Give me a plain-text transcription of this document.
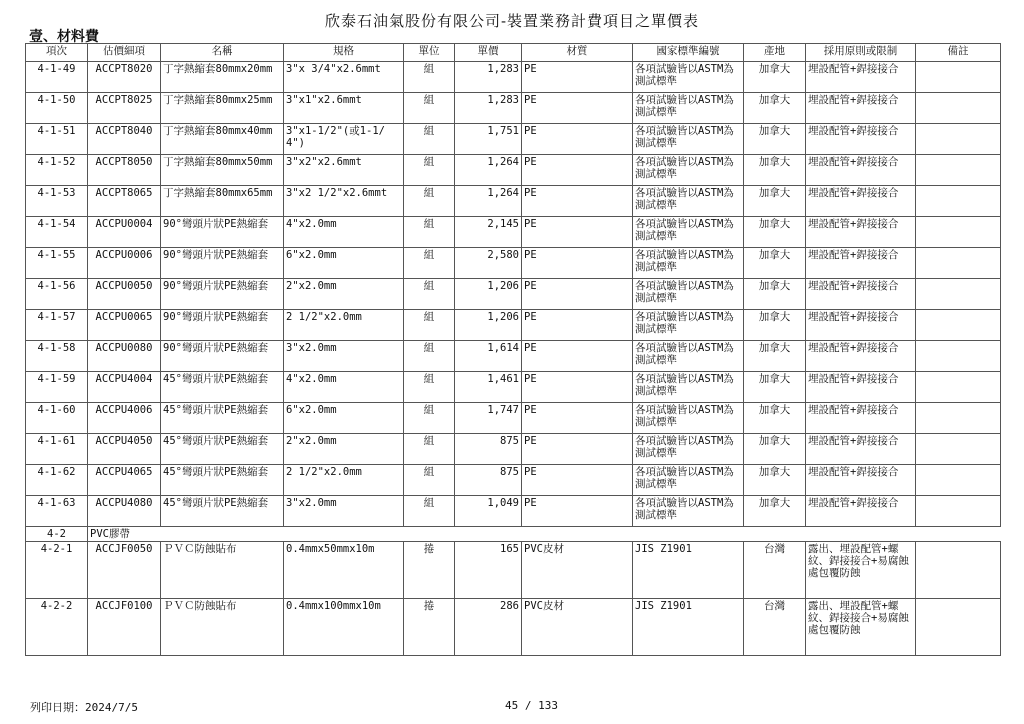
欣泰石油氣股份有限公司-裝置業務計費項目之單價表
壹、材料費
項次	估價細項	名稱	規格	單位	單價	材質	國家標準編號	產地	採用原則或限制	備註
4-1-49	ACCPT8020	丁字熱縮套80mmx20mm	3"x 3/4"x2.6mmt	組	1,283	PE	各項試驗皆以ASTM為測試標準	加拿大	埋設配管+銲接接合	
4-1-50	ACCPT8025	丁字熱縮套80mmx25mm	3"x1"x2.6mmt	組	1,283	PE	各項試驗皆以ASTM為測試標準	加拿大	埋設配管+銲接接合	
4-1-51	ACCPT8040	丁字熱縮套80mmx40mm	3"x1-1/2"(或1-1/4")	組	1,751	PE	各項試驗皆以ASTM為測試標準	加拿大	埋設配管+銲接接合	
4-1-52	ACCPT8050	丁字熱縮套80mmx50mm	3"x2"x2.6mmt	組	1,264	PE	各項試驗皆以ASTM為測試標準	加拿大	埋設配管+銲接接合	
4-1-53	ACCPT8065	丁字熱縮套80mmx65mm	3"x2 1/2"x2.6mmt	組	1,264	PE	各項試驗皆以ASTM為測試標準	加拿大	埋設配管+銲接接合	
4-1-54	ACCPU0004	90°彎頭片狀PE熱縮套	4"x2.0mm	組	2,145	PE	各項試驗皆以ASTM為測試標準	加拿大	埋設配管+銲接接合	
4-1-55	ACCPU0006	90°彎頭片狀PE熱縮套	6"x2.0mm	組	2,580	PE	各項試驗皆以ASTM為測試標準	加拿大	埋設配管+銲接接合	
4-1-56	ACCPU0050	90°彎頭片狀PE熱縮套	2"x2.0mm	組	1,206	PE	各項試驗皆以ASTM為測試標準	加拿大	埋設配管+銲接接合	
4-1-57	ACCPU0065	90°彎頭片狀PE熱縮套	2 1/2"x2.0mm	組	1,206	PE	各項試驗皆以ASTM為測試標準	加拿大	埋設配管+銲接接合	
4-1-58	ACCPU0080	90°彎頭片狀PE熱縮套	3"x2.0mm	組	1,614	PE	各項試驗皆以ASTM為測試標準	加拿大	埋設配管+銲接接合	
4-1-59	ACCPU4004	45°彎頭片狀PE熱縮套	4"x2.0mm	組	1,461	PE	各項試驗皆以ASTM為測試標準	加拿大	埋設配管+銲接接合	
4-1-60	ACCPU4006	45°彎頭片狀PE熱縮套	6"x2.0mm	組	1,747	PE	各項試驗皆以ASTM為測試標準	加拿大	埋設配管+銲接接合	
4-1-61	ACCPU4050	45°彎頭片狀PE熱縮套	2"x2.0mm	組	875	PE	各項試驗皆以ASTM為測試標準	加拿大	埋設配管+銲接接合	
4-1-62	ACCPU4065	45°彎頭片狀PE熱縮套	2 1/2"x2.0mm	組	875	PE	各項試驗皆以ASTM為測試標準	加拿大	埋設配管+銲接接合	
4-1-63	ACCPU4080	45°彎頭片狀PE熱縮套	3"x2.0mm	組	1,049	PE	各項試驗皆以ASTM為測試標準	加拿大	埋設配管+銲接接合	
4-2	PVC膠帶									
4-2-1	ACCJF0050	ＰＶＣ防蝕貼布	0.4mmx50mmx10m	捲	165	PVC皮材	JIS Z1901	台灣	露出、埋設配管+螺紋、銲接接合+易腐蝕處包覆防蝕	
4-2-2	ACCJF0100	ＰＶＣ防蝕貼布	0.4mmx100mmx10m	捲	286	PVC皮材	JIS Z1901	台灣	露出、埋設配管+螺紋、銲接接合+易腐蝕處包覆防蝕	
列印日期：2024/7/5	45 / 133
